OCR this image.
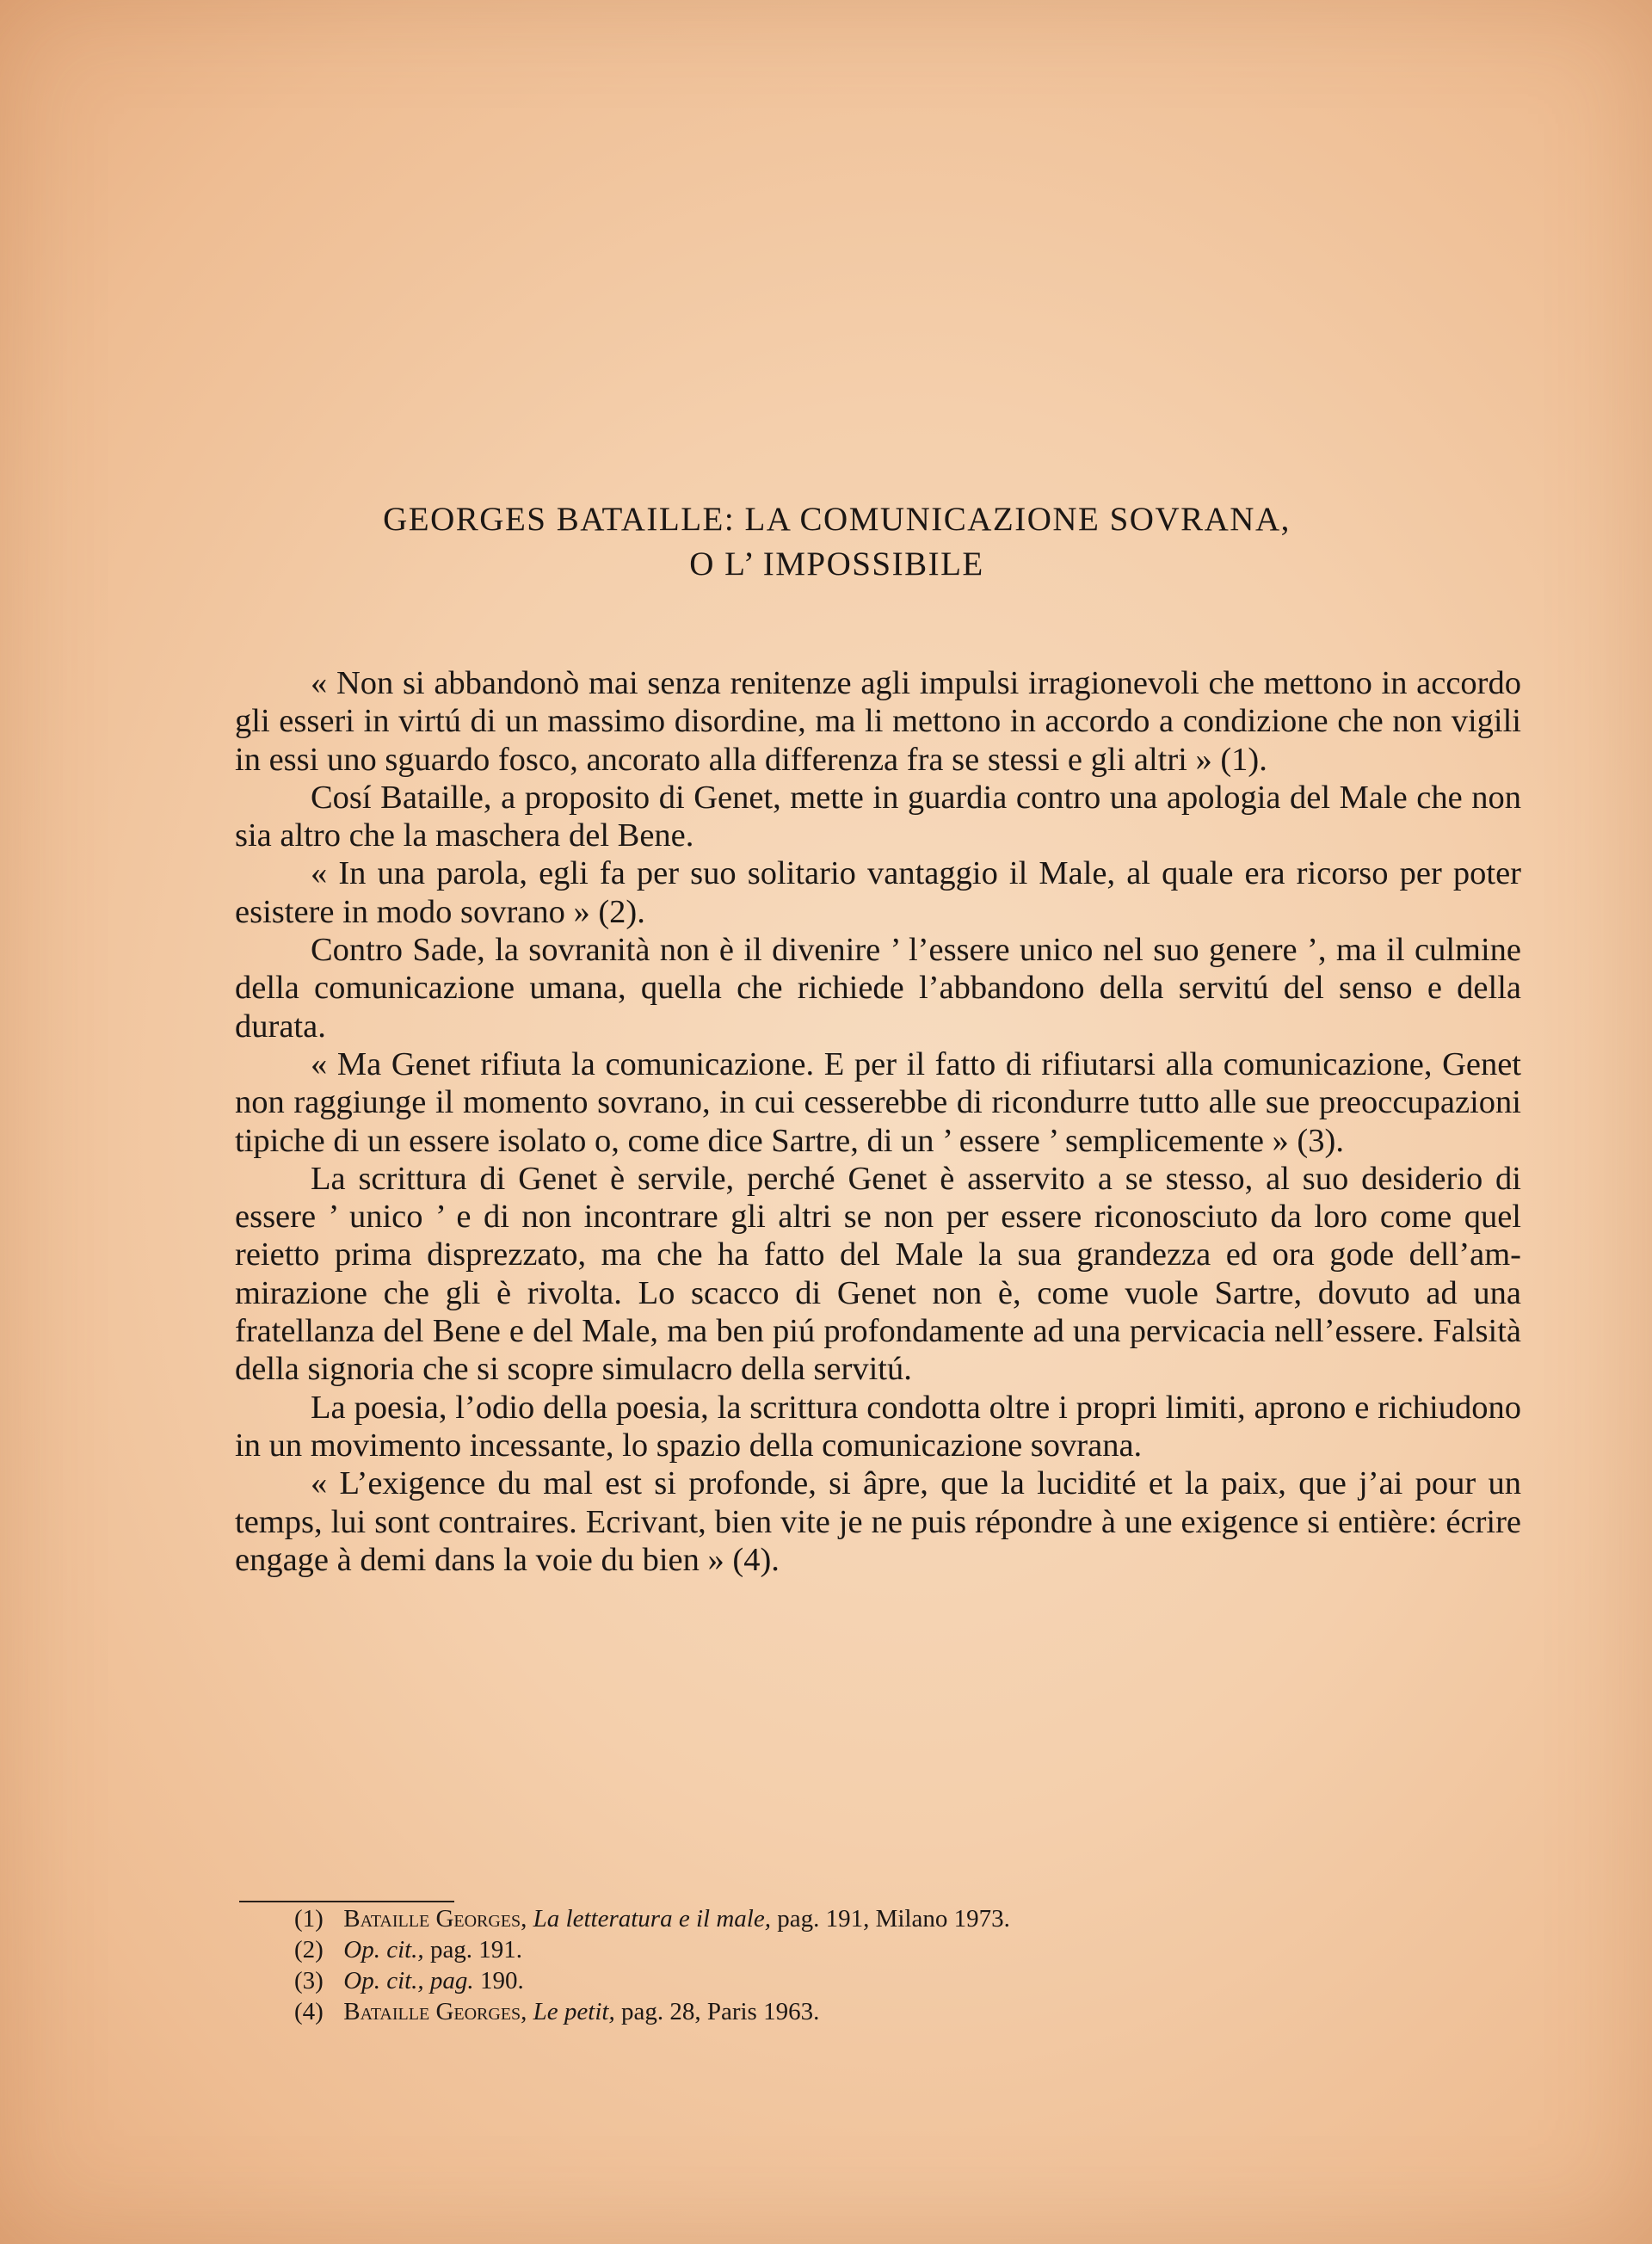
GEORGES BATAILLE: LA COMUNICAZIONE SOVRANA,
O L’ IMPOSSIBILE

« Non si abbandonò mai senza renitenze agli impulsi irragionevoli che mettono in accordo gli esseri in virtú di un massimo disordine, ma li mettono in accordo a condizione che non vigili in essi uno sguardo fosco, ancorato alla differenza fra se stessi e gli altri » (1).

Cosí Bataille, a proposito di Genet, mette in guardia contro una apologia del Male che non sia altro che la maschera del Bene.

« In una parola, egli fa per suo solitario vantaggio il Male, al quale era ricorso per poter esistere in modo sovrano » (2).

Contro Sade, la sovranità non è il divenire ’ l’essere unico nel suo genere ’, ma il culmine della comunicazione umana, quella che richiede l’abbandono della servitú del senso e della durata.

« Ma Genet rifiuta la comunicazione. E per il fatto di rifiutarsi alla comunicazione, Genet non raggiunge il momento sovrano, in cui cesserebbe di ricondurre tutto alle sue preoccupazioni tipiche di un essere isolato o, come dice Sartre, di un ’ essere ’ semplicemente » (3).

La scrittura di Genet è servile, perché Genet è asservito a se stesso, al suo desiderio di essere ’ unico ’ e di non incontrare gli altri se non per essere riconosciuto da loro come quel reietto prima disprezzato, ma che ha fatto del Male la sua grandezza ed ora gode dell’ammirazione che gli è rivolta. Lo scacco di Genet non è, come vuole Sartre, dovuto ad una fratellanza del Bene e del Male, ma ben piú profondamente ad una pervicacia nell’essere. Falsità della signoria che si scopre simulacro della servitú.

La poesia, l’odio della poesia, la scrittura condotta oltre i propri limiti, aprono e richiudono in un movimento incessante, lo spazio della comunicazione sovrana.

« L’exigence du mal est si profonde, si âpre, que la lucidité et la paix, que j’ai pour un temps, lui sont contraires. Ecrivant, bien vite je ne puis répondre à une exigence si entière: écrire engage à demi dans la voie du bien » (4).

(1) Bataille Georges, La letteratura e il male, pag. 191, Milano 1973.
(2) Op. cit., pag. 191.
(3) Op. cit., pag. 190.
(4) Bataille Georges, Le petit, pag. 28, Paris 1963.
